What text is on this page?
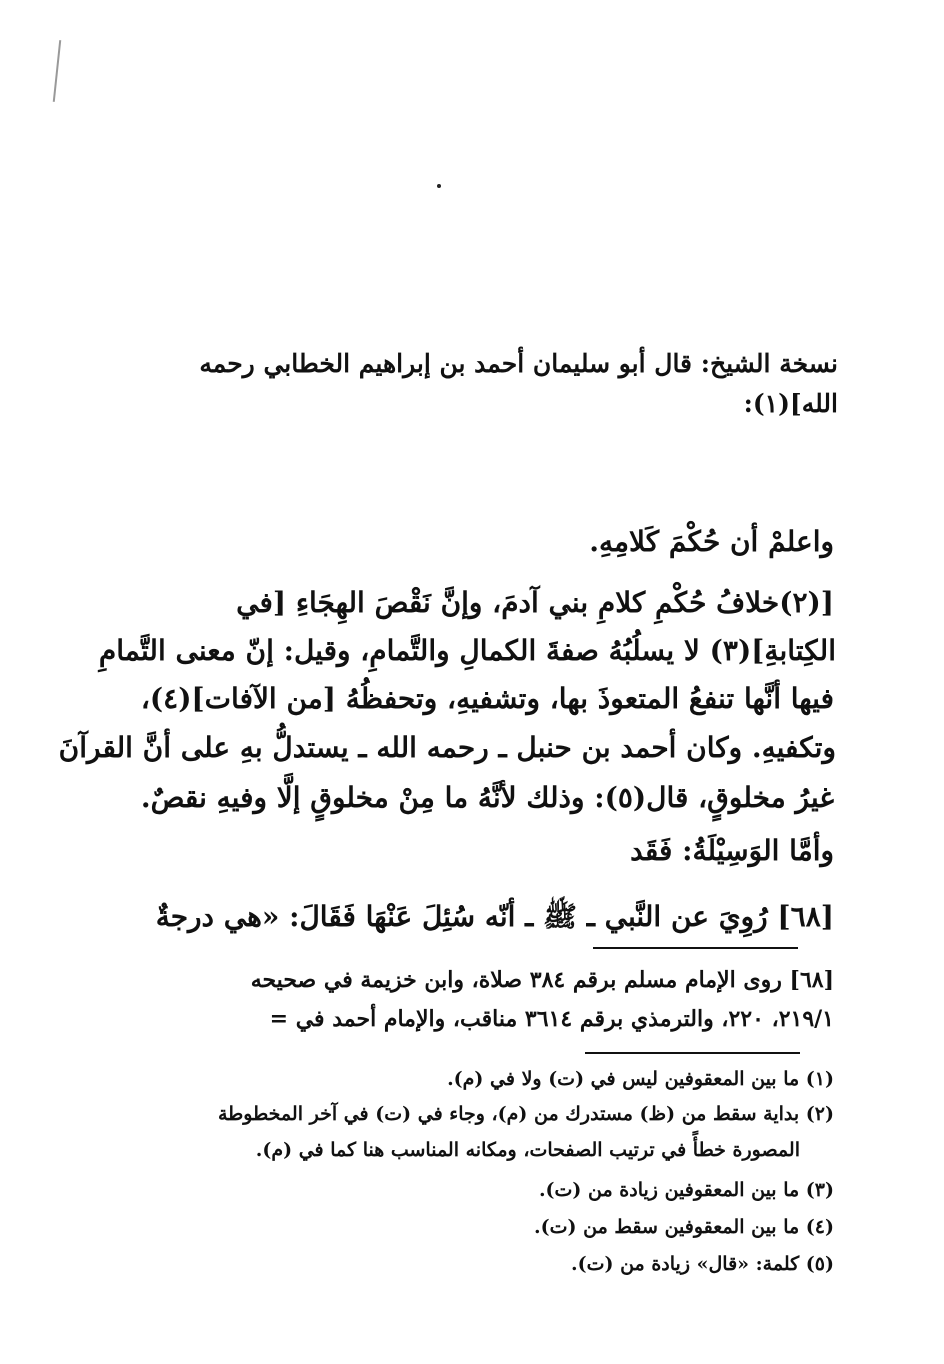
نسخة الشيخ: قال أبو سليمان أحمد بن إبراهيم الخطابي رحمه
الله](١):
واعلمْ أن حُكْمَ كَلامِهِ.
[(٢)خلافُ حُكْمِ كلامِ بني آدمَ، وإنَّ نَقْصَ الهِجَاءِ [في
الكِتابةِ](٣) لا يسلُبُهُ صفةَ الكمالِ والتَّمامِ، وقيل: إنّ معنى التَّمامِ
فيها أنَّها تنفعُ المتعوذَ بها، وتشفيهِ، وتحفظُهُ [من الآفات](٤)،
وتكفيهِ. وكان أحمد بن حنبل ـ رحمه الله ـ يستدلُّ بهِ على أنَّ القرآنَ
غيرُ مخلوقٍ، قال(٥): وذلك لأنَّهُ ما مِنْ مخلوقٍ إلَّا وفيهِ نقصٌ.
وأمَّا الوَسِيْلَةُ: فَقَد
[٦٨] رُوِيَ عن النَّبي ـ ﷺ ـ أنّه سُئِلَ عَنْهَا فَقَالَ: «هي درجةٌ
[٦٨] روى الإمام مسلم برقم ٣٨٤ صلاة، وابن خزيمة في صحيحه
٢١٩/١، ٢٢٠، والترمذي برقم ٣٦١٤ مناقب، والإمام أحمد في =
(١) ما بين المعقوفين ليس في (ت) ولا في (م).
(٢) بداية سقط من (ظ) مستدرك من (م)، وجاء في (ت) في آخر المخطوطة
المصورة خطأً في ترتيب الصفحات، ومكانه المناسب هنا كما في (م).
(٣) ما بين المعقوفين زيادة من (ت).
(٤) ما بين المعقوفين سقط من (ت).
(٥) كلمة: «قال» زيادة من (ت).
